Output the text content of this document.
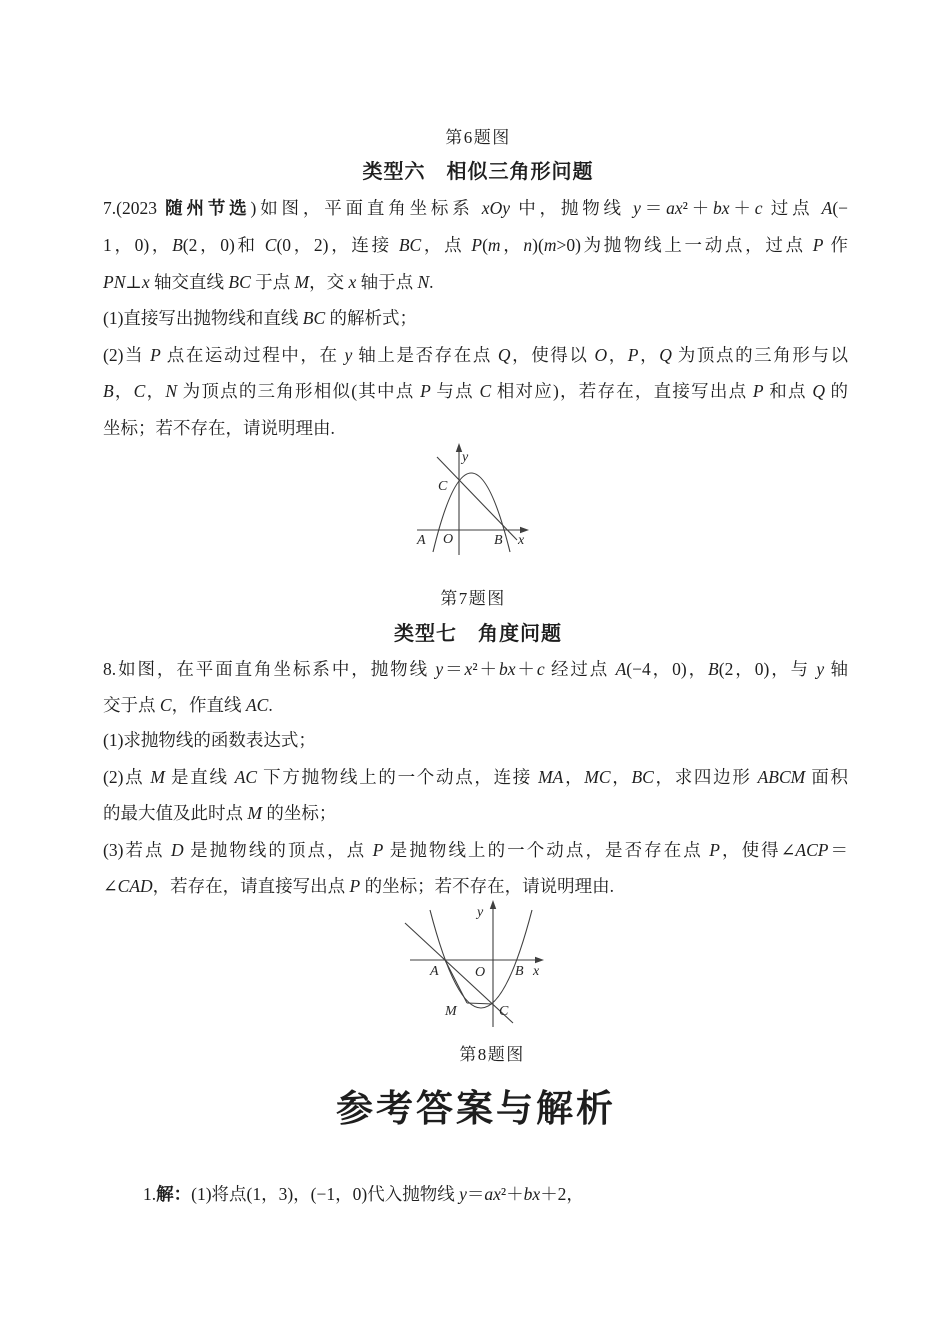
第6题图
类型六　相似三角形问题
7.(2023 随州节选)如图，平面直角坐标系 xOy 中，抛物线 y＝ax²＋bx＋c 过点 A(−
1，0)，B(2，0)和 C(0，2)，连接 BC，点 P(m，n)(m>0)为抛物线上一动点，过点 P 作
PN⊥x 轴交直线 BC 于点 M，交 x 轴于点 N.
(1)直接写出抛物线和直线 BC 的解析式；
(2)当 P 点在运动过程中，在 y 轴上是否存在点 Q，使得以 O，P，Q 为顶点的三角形与以
B，C，N 为顶点的三角形相似(其中点 P 与点 C 相对应)，若存在，直接写出点 P 和点 Q 的
坐标；若不存在，请说明理由.
y
x
A O	B
C
第7题图
类型七　角度问题
8.如图，在平面直角坐标系中，抛物线 y＝x²＋bx＋c 经过点 A(−4，0)，B(2，0)，与 y 轴
交于点 C，作直线 AC.
(1)求抛物线的函数表达式；
(2)点 M 是直线 AC 下方抛物线上的一个动点，连接 MA，MC，BC，求四边形 ABCM 面积
的最大值及此时点 M 的坐标；
(3)若点 D 是抛物线的顶点，点 P 是抛物线上的一个动点，是否存在点 P，使得∠ACP＝
∠CAD，若存在，请直接写出点 P 的坐标；若不存在，请说明理由.
y
x
A	O B
C
M
第8题图
参考答案与解析
1.解：(1)将点(1，3)，(−1，0)代入抛物线 y＝ax²＋bx＋2，
